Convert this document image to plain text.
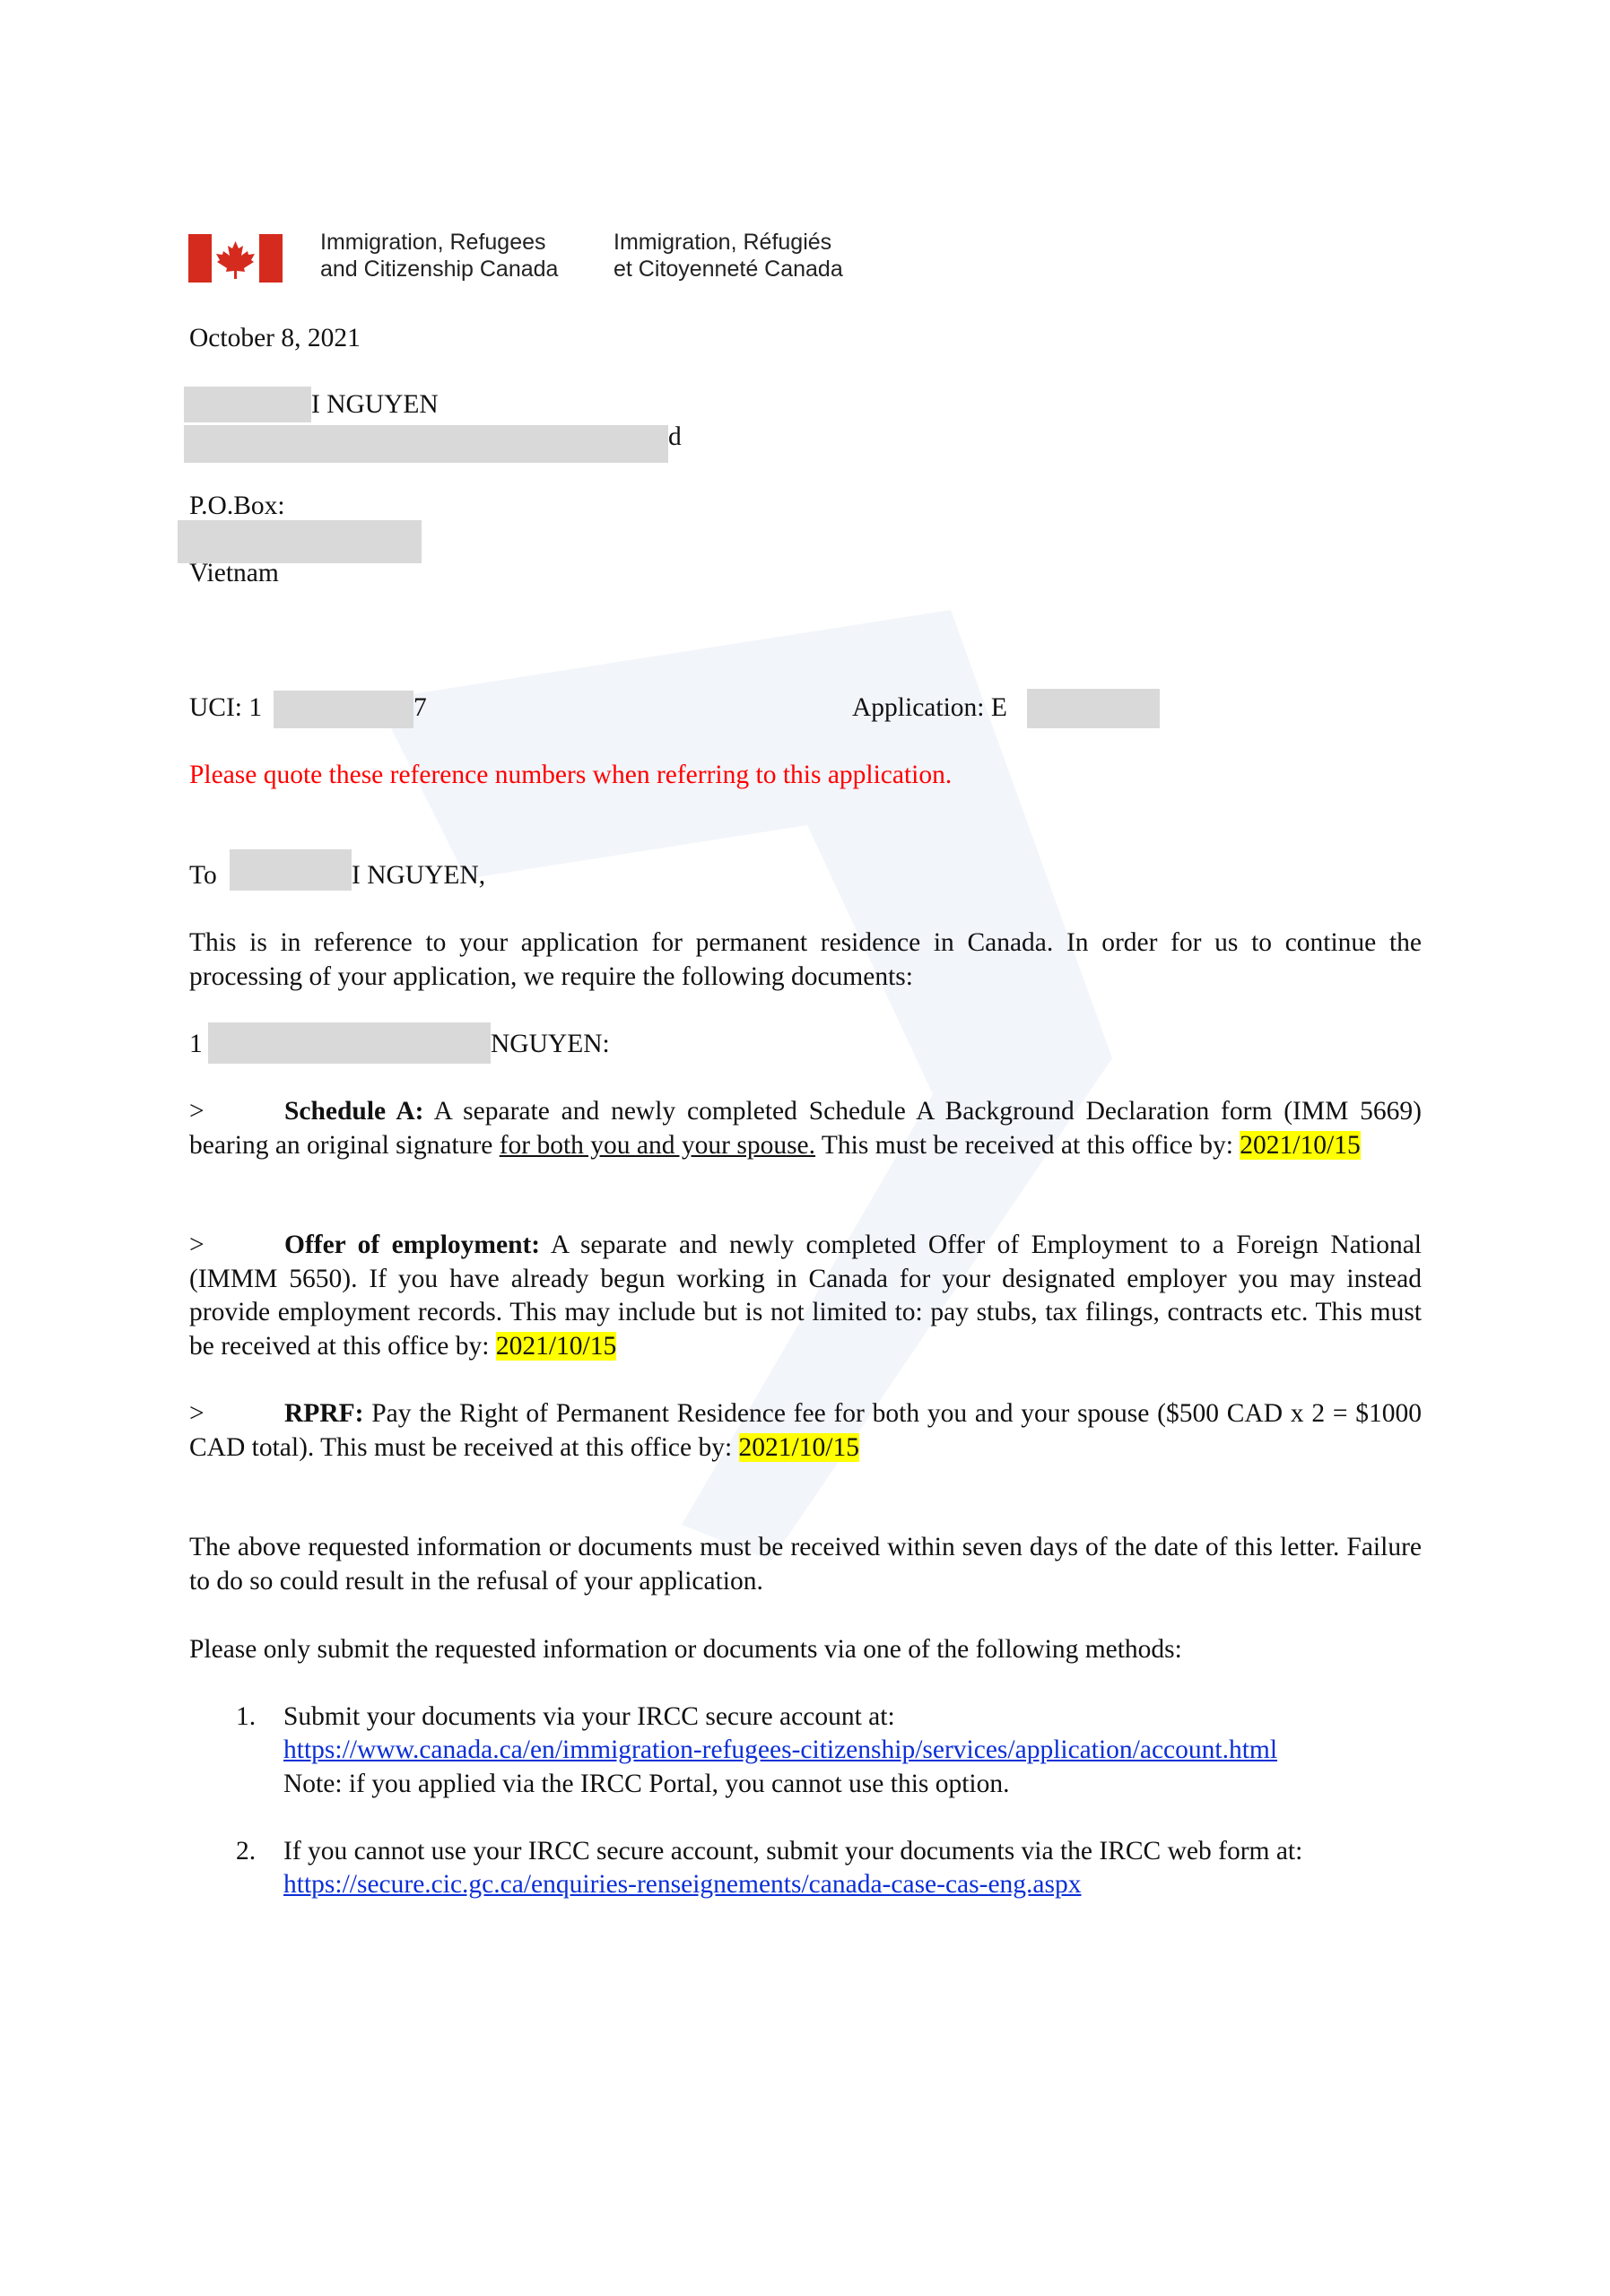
Immigration, Refugees
and Citizenship Canada
Immigration, Réfugiés
et Citoyenneté Canada
October 8, 2021
I NGUYEN
d
P.O.Box:
Vietnam
UCI: 1	7	Application: E
Please quote these reference numbers when referring to this application.
To	I NGUYEN,
This is in reference to your application for permanent residence in Canada. In order for us to continue the processing of your application, we require the following documents:
1	NGUYEN:
>	Schedule A: A separate and newly completed Schedule A Background Declaration form (IMM 5669) bearing an original signature for both you and your spouse. This must be received at this office by: 2021/10/15
>	Offer of employment: A separate and newly completed Offer of Employment to a Foreign National (IMMM 5650). If you have already begun working in Canada for your designated employer you may instead provide employment records. This may include but is not limited to: pay stubs, tax filings, contracts etc. This must be received at this office by: 2021/10/15
>	RPRF: Pay the Right of Permanent Residence fee for both you and your spouse ($500 CAD x 2 = $1000 CAD total). This must be received at this office by: 2021/10/15
The above requested information or documents must be received within seven days of the date of this letter. Failure to do so could result in the refusal of your application.
Please only submit the requested information or documents via one of the following methods:
1. Submit your documents via your IRCC secure account at:
https://www.canada.ca/en/immigration-refugees-citizenship/services/application/account.html
Note: if you applied via the IRCC Portal, you cannot use this option.
2. If you cannot use your IRCC secure account, submit your documents via the IRCC web form at:
https://secure.cic.gc.ca/enquiries-renseignements/canada-case-cas-eng.aspx
